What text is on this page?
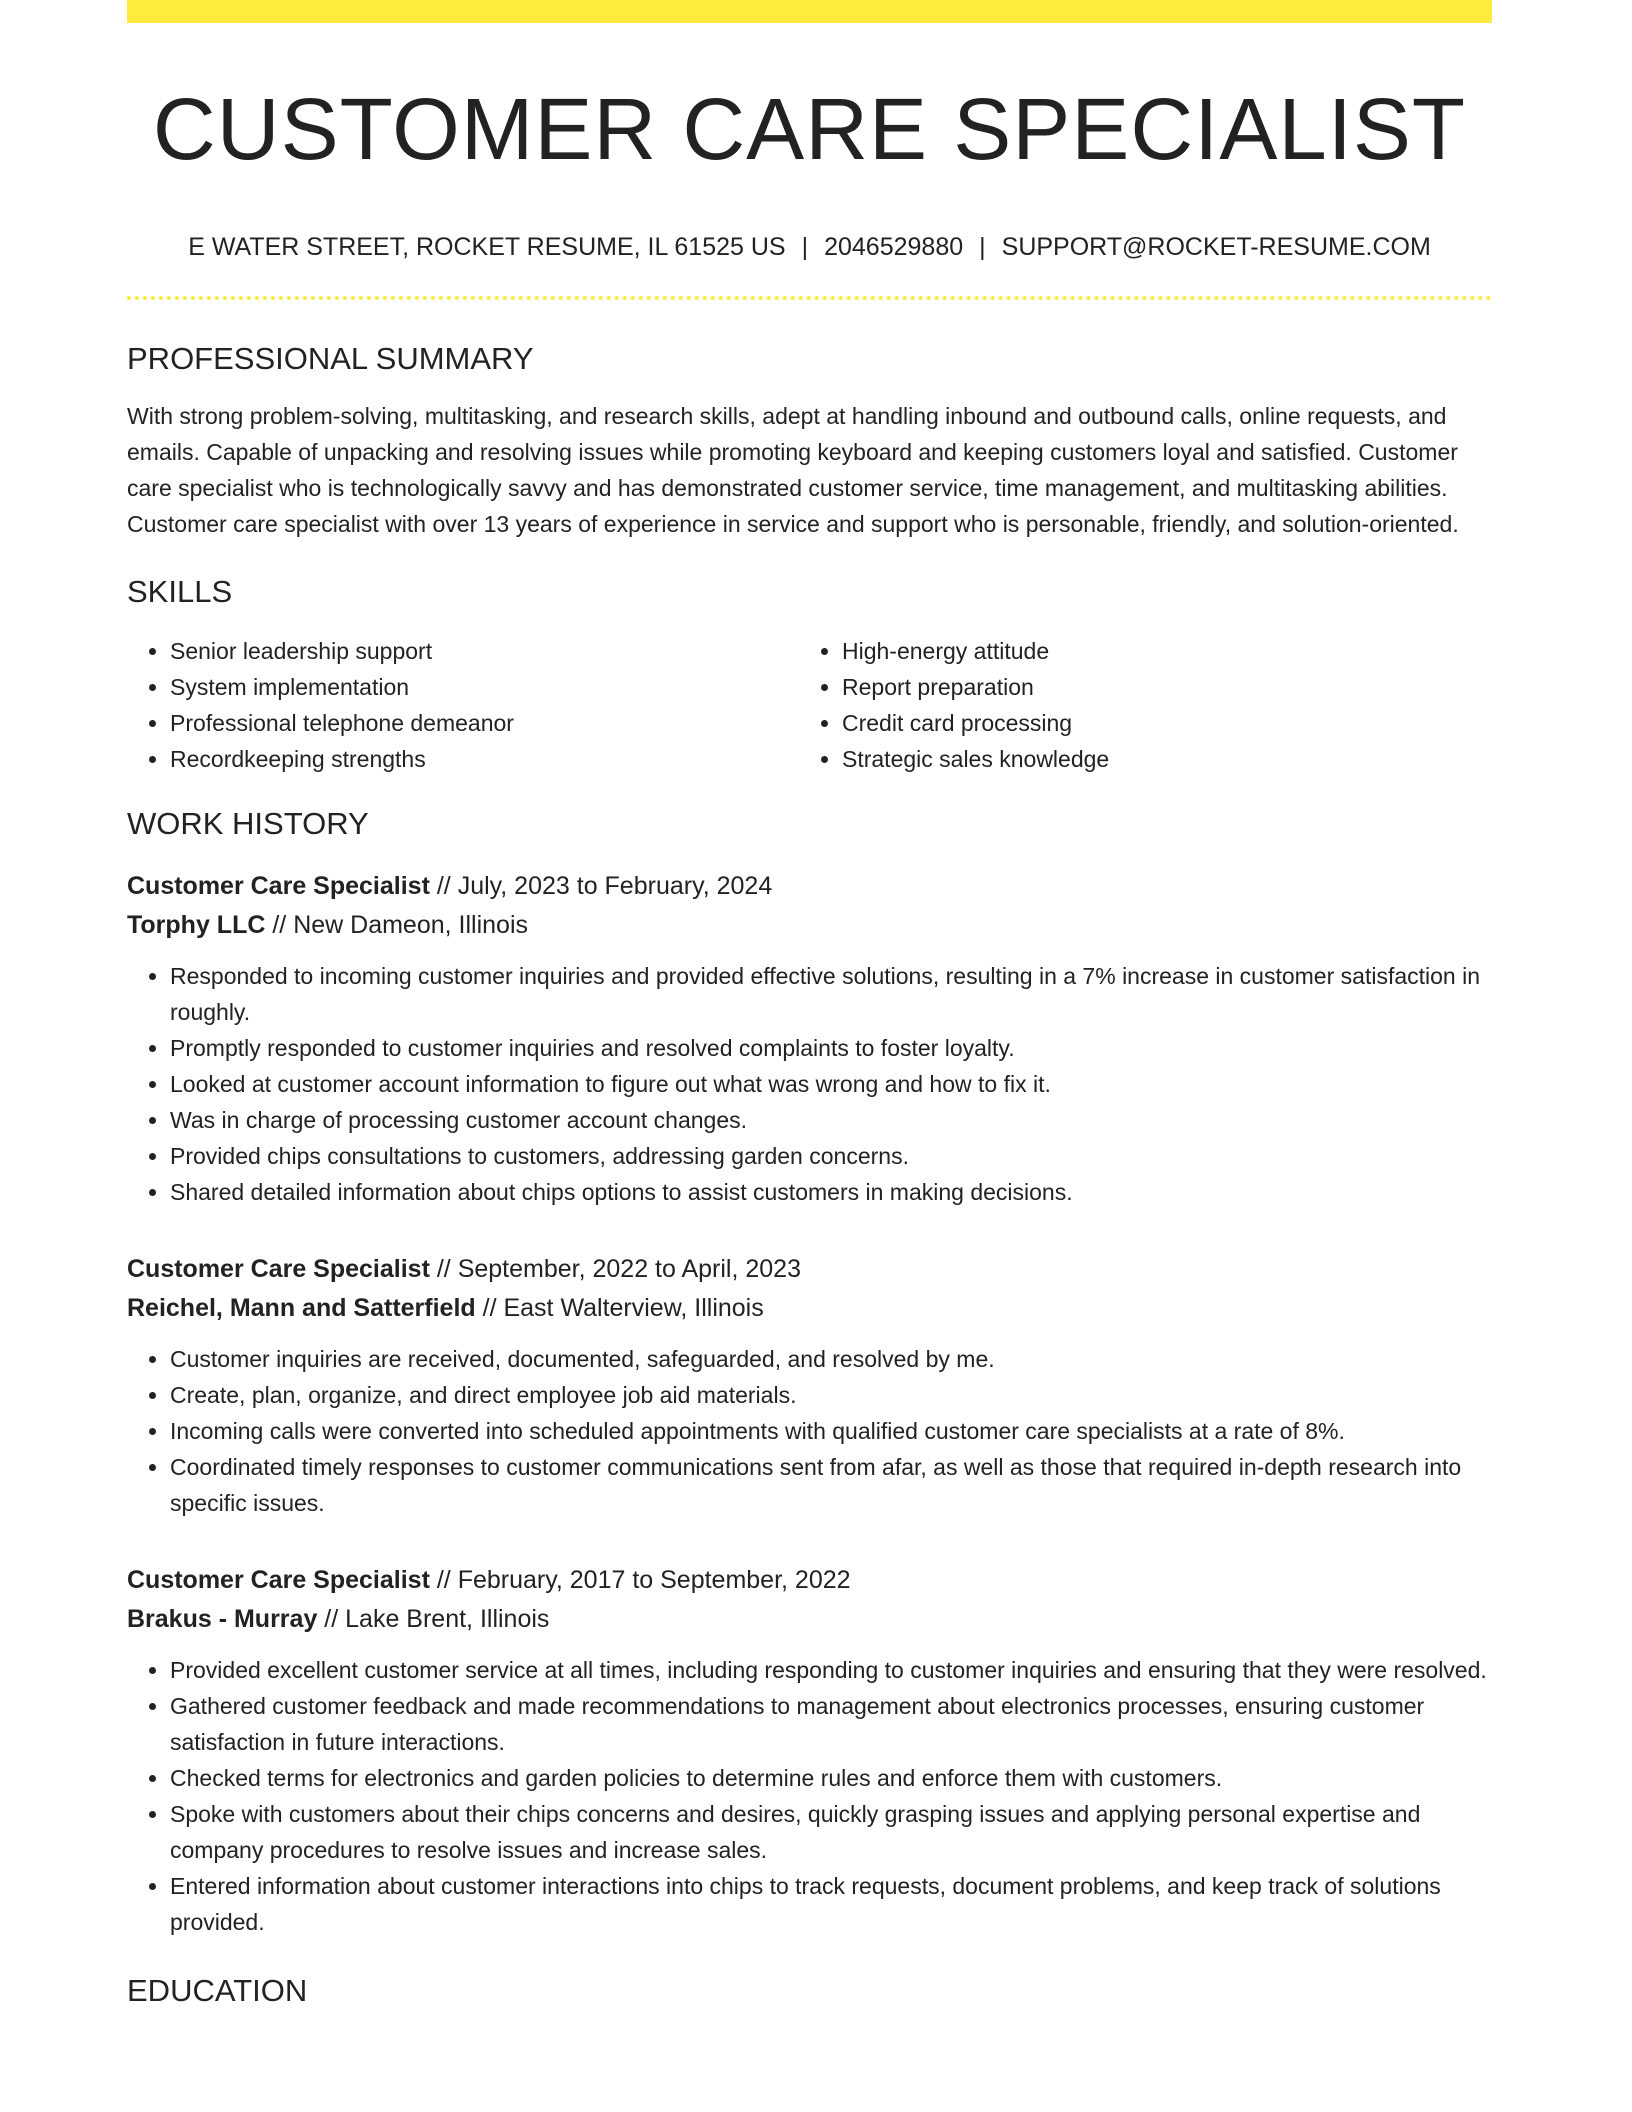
CUSTOMER CARE SPECIALIST
E WATER STREET, ROCKET RESUME, IL 61525 US | 2046529880 | SUPPORT@ROCKET-RESUME.COM
PROFESSIONAL SUMMARY
With strong problem-solving, multitasking, and research skills, adept at handling inbound and outbound calls, online requests, and emails. Capable of unpacking and resolving issues while promoting keyboard and keeping customers loyal and satisfied. Customer care specialist who is technologically savvy and has demonstrated customer service, time management, and multitasking abilities. Customer care specialist with over 13 years of experience in service and support who is personable, friendly, and solution-oriented.
SKILLS
• Senior leadership support
• System implementation
• Professional telephone demeanor
• Recordkeeping strengths
• High-energy attitude
• Report preparation
• Credit card processing
• Strategic sales knowledge
WORK HISTORY
Customer Care Specialist // July, 2023 to February, 2024
Torphy LLC // New Dameon, Illinois
• Responded to incoming customer inquiries and provided effective solutions, resulting in a 7% increase in customer satisfaction in roughly.
• Promptly responded to customer inquiries and resolved complaints to foster loyalty.
• Looked at customer account information to figure out what was wrong and how to fix it.
• Was in charge of processing customer account changes.
• Provided chips consultations to customers, addressing garden concerns.
• Shared detailed information about chips options to assist customers in making decisions.
Customer Care Specialist // September, 2022 to April, 2023
Reichel, Mann and Satterfield // East Walterview, Illinois
• Customer inquiries are received, documented, safeguarded, and resolved by me.
• Create, plan, organize, and direct employee job aid materials.
• Incoming calls were converted into scheduled appointments with qualified customer care specialists at a rate of 8%.
• Coordinated timely responses to customer communications sent from afar, as well as those that required in-depth research into specific issues.
Customer Care Specialist // February, 2017 to September, 2022
Brakus - Murray // Lake Brent, Illinois
• Provided excellent customer service at all times, including responding to customer inquiries and ensuring that they were resolved.
• Gathered customer feedback and made recommendations to management about electronics processes, ensuring customer satisfaction in future interactions.
• Checked terms for electronics and garden policies to determine rules and enforce them with customers.
• Spoke with customers about their chips concerns and desires, quickly grasping issues and applying personal expertise and company procedures to resolve issues and increase sales.
• Entered information about customer interactions into chips to track requests, document problems, and keep track of solutions provided.
EDUCATION
